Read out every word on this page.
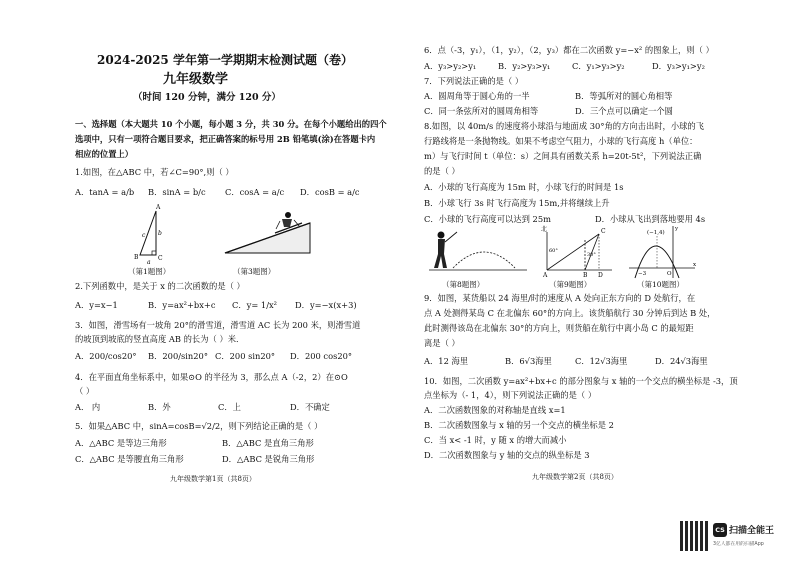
2024-2025 学年第一学期期末检测试题（卷）
九年级数学
（时间 120 分钟，满分 120 分）
一、选择题（本大题共 10 个小题，每小题 3 分，共 30 分。在每个小题给出的四个
选项中，只有一项符合题目要求，把正确答案的标号用 2B 铅笔填(涂)在答题卡内
相应的位置上）
1.如图，在△ABC 中，若∠C=90°,则（ ）
A．tanA = a/b B．sinA = b/c C．cosA = a/c D．cosB = a/c
A
B	C
c b
a
（第1题图）	（第3题图）
2.下列函数中，是关于 x 的二次函数的是（ ）
A．y=x−1	B．y=ax²+bx+c C．y= 1/x² D．y=−x(x+3)
3．如图，滑雪场有一坡角 20°的滑雪道，滑雪道 AC 长为 200 米，则滑雪道
的坡顶到坡底的竖直高度 AB 的长为（ ）米．
A．200/cos20° B．200/sin20° C．200 sin20° D．200 cos20°
4．在平面直角坐标系中，如果⊙O 的半径为 3，那么点 A（-2，2）在⊙O
（ ）
A． 内	B．外	C．上	D．不确定
5．如果△ABC 中，sinA=cosB=√2/2，则下列结论正确的是（ ）
A．△ABC 是等边三角形	B．△ABC 是直角三角形
C．△ABC 是等腰直角三角形	D．△ABC 是锐角三角形
九年级数学第1页（共8页）
6．点（-3，y₁），（1，y₂），（2，y₃）都在二次函数 y=−x² 的图象上，则（ ）
A．y₃>y₂>y₁	B．y₂>y₃>y₁	C．y₁>y₃>y₂	D．y₃>y₁>y₂
7．下列说法正确的是（ ）
A．圆周角等于圆心角的一半	B．等弧所对的圆心角相等
C．同一条弦所对的圆周角相等	D．三个点可以确定一个圆
8.如图，以 40m/s 的速度将小球沿与地面成 30°角的方向击出时，小球的飞
行路线将是一条抛物线。如果不考虑空气阻力，小球的飞行高度 h（单位：
m）与飞行时间 t（单位：s）之间具有函数关系 h=20t-5t²，下列说法正确
的是（ ）
A．小球的飞行高度为 15m 时，小球飞行的时间是 1s
B．小球飞行 3s 时飞行高度为 15m,并将继续上升
C．小球的飞行高度可以达到 25m	D．小球从飞出到落地要用 4s
（第8题图）
北
A	B
C
D
60°
30°
（第9题图）
(−1,4)
−3	O
x
y
（第10题图）
9．如图，某货船以 24 海里/时的速度从 A 处向正东方向的 D 处航行，在
点 A 处测得某岛 C 在北偏东 60°的方向上。该货船航行 30 分钟后到达 B 处，
此时测得该岛在北偏东 30°的方向上，则货船在航行中离小岛 C 的最短距
离是（ ）
A．12 海里	B．6√3海里	C．12√3海里	D．24√3海里
10．如图，二次函数 y=ax²+bx+c 的部分图象与 x 轴的一个交点的横坐标是 -3，顶
点坐标为（- 1，4），则下列说法正确的是（ ）
A．二次函数图象的对称轴是直线 x=1
B．二次函数图象与 x 轴的另一个交点的横坐标是 2
C．当 x< -1 时，y 随 x 的增大而减小
D．二次函数图象与 y 轴的交点的纵坐标是 3
九年级数学第2页（共8页）
CS 扫描全能王
3亿人都在用的扫描App
